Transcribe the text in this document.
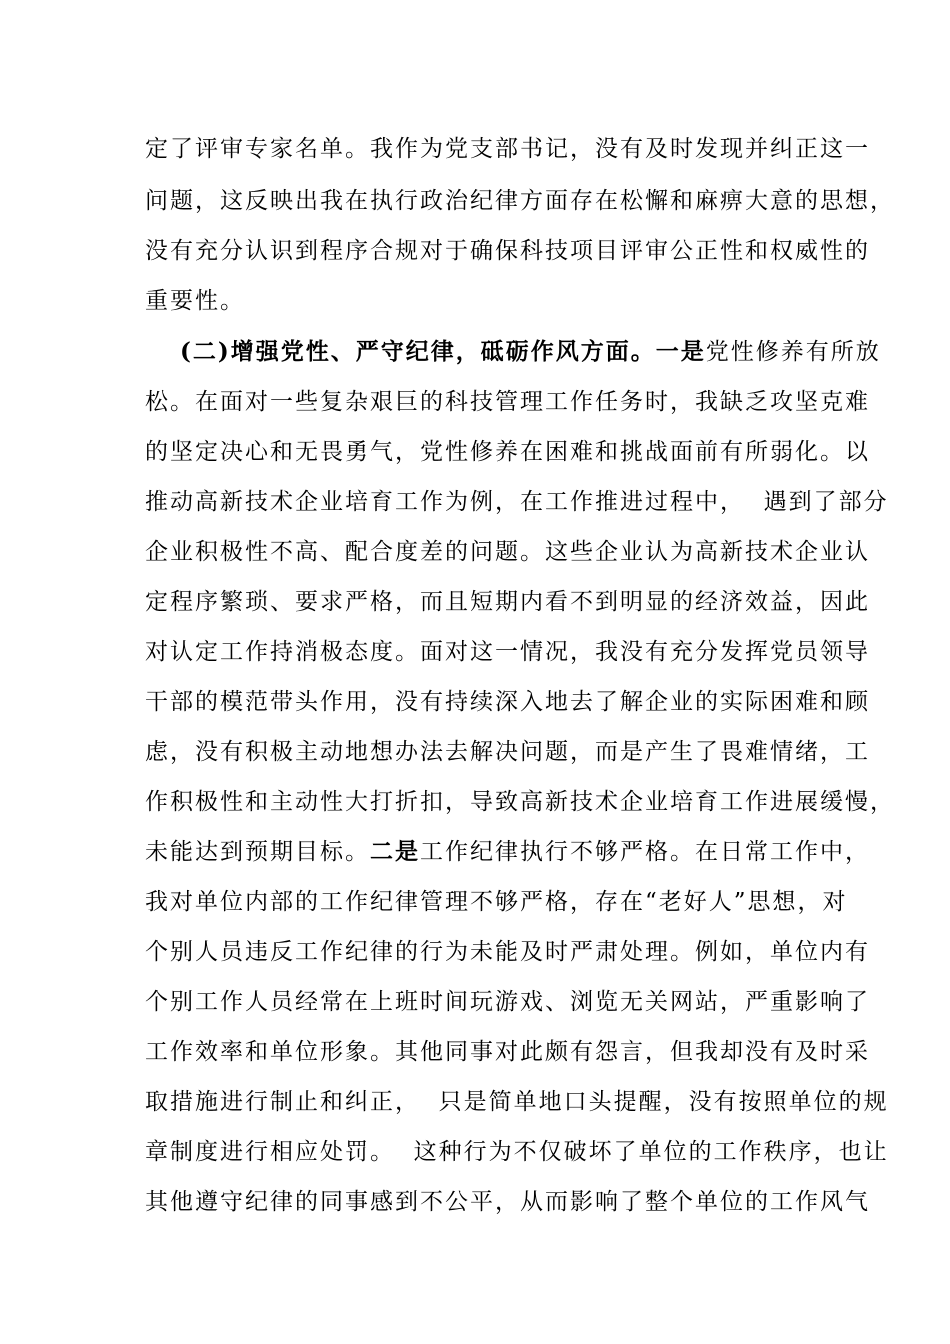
定了评审专家名单。我作为党支部书记，没有及时发现并纠正这一
问题，这反映出我在执行政治纪律方面存在松懈和麻痹大意的思想，
没有充分认识到程序合规对于确保科技项目评审公正性和权威性的
重要性。
(二)增强党性、严守纪律，砥砺作风方面。一是党性修养有所放
松。在面对一些复杂艰巨的科技管理工作任务时，我缺乏攻坚克难
的坚定决心和无畏勇气，党性修养在困难和挑战面前有所弱化。以
推动高新技术企业培育工作为例，在工作推进过程中，  遇到了部分
企业积极性不高、配合度差的问题。这些企业认为高新技术企业认
定程序繁琐、要求严格，而且短期内看不到明显的经济效益，因此
对认定工作持消极态度。面对这一情况，我没有充分发挥党员领导
干部的模范带头作用，没有持续深入地去了解企业的实际困难和顾
虑，没有积极主动地想办法去解决问题，而是产生了畏难情绪，工
作积极性和主动性大打折扣，导致高新技术企业培育工作进展缓慢，
未能达到预期目标。二是工作纪律执行不够严格。在日常工作中，
我对单位内部的工作纪律管理不够严格，存在“老好人”思想，对
个别人员违反工作纪律的行为未能及时严肃处理。例如，单位内有
个别工作人员经常在上班时间玩游戏、浏览无关网站，严重影响了
工作效率和单位形象。其他同事对此颇有怨言，但我却没有及时采
取措施进行制止和纠正，  只是简单地口头提醒，没有按照单位的规
章制度进行相应处罚。  这种行为不仅破坏了单位的工作秩序，也让
其他遵守纪律的同事感到不公平，从而影响了整个单位的工作风气
